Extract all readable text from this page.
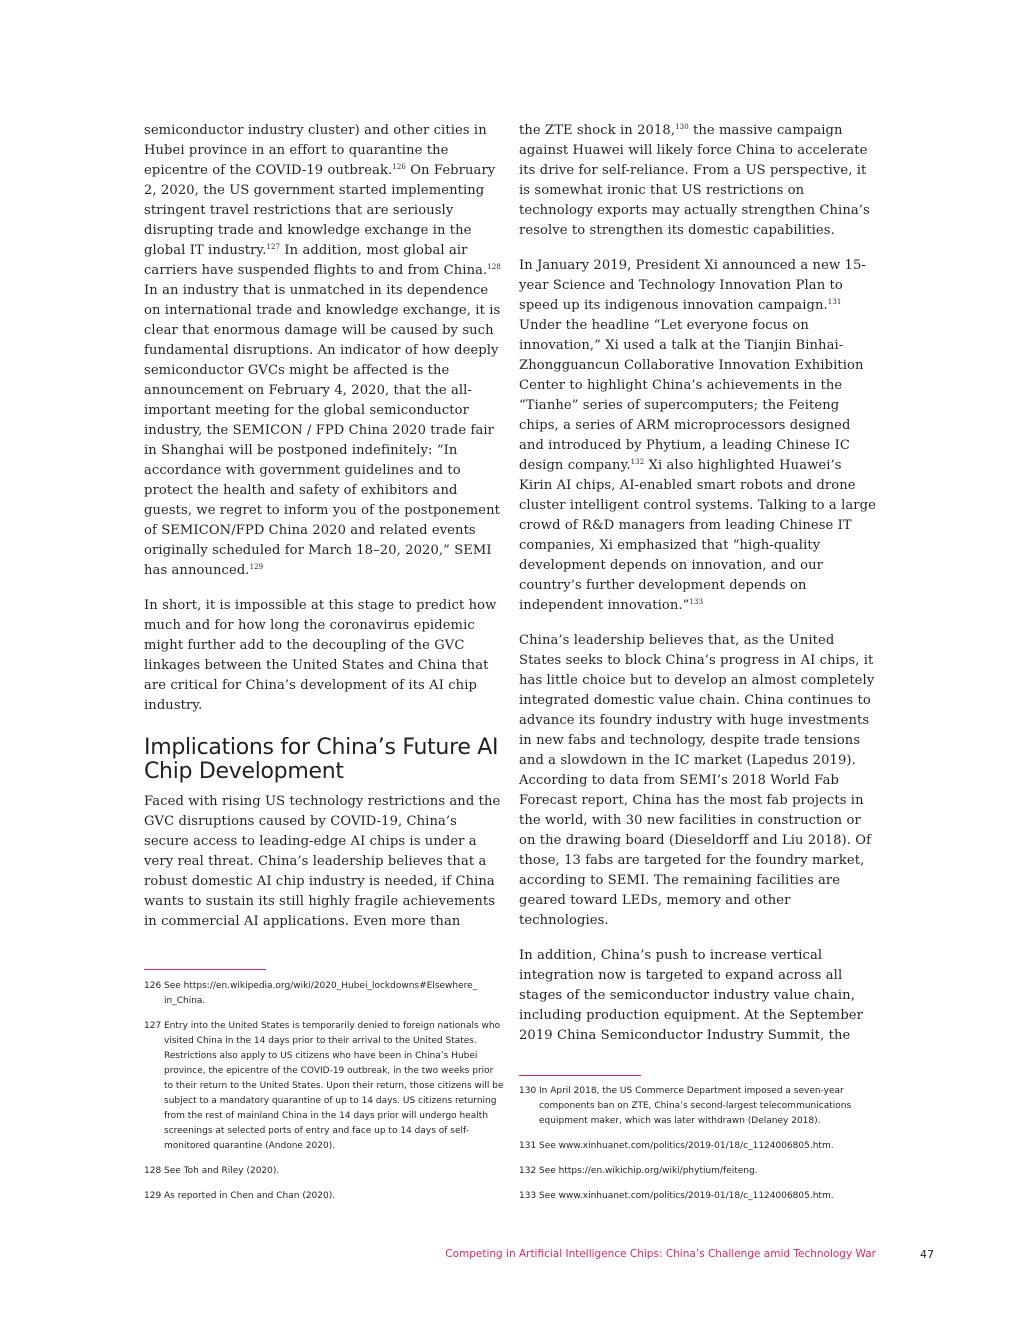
semiconductor industry cluster) and other cities in Hubei province in an effort to quarantine the epicentre of the COVID-19 outbreak.$^{126}$ On February 2, 2020, the US government started implementing stringent travel restrictions that are seriously disrupting trade and knowledge exchange in the global IT industry.$^{127}$ In addition, most global air carriers have suspended flights to and from China.$^{128}$ In an industry that is unmatched in its dependence on international trade and knowledge exchange, it is clear that enormous damage will be caused by such fundamental disruptions. An indicator of how deeply semiconductor GVCs might be affected is the announcement on February 4, 2020, that the all-important meeting for the global semiconductor industry, the SEMICON / FPD China 2020 trade fair in Shanghai will be postponed indefinitely: “In accordance with government guidelines and to protect the health and safety of exhibitors and guests, we regret to inform you of the postponement of SEMICON/FPD China 2020 and related events originally scheduled for March 18–20, 2020,” SEMI has announced.$^{129}$

In short, it is impossible at this stage to predict how much and for how long the coronavirus epidemic might further add to the decoupling of the GVC linkages between the United States and China that are critical for China’s development of its AI chip industry.

Implications for China’s Future AI Chip Development

Faced with rising US technology restrictions and the GVC disruptions caused by COVID-19, China’s secure access to leading-edge AI chips is under a very real threat. China’s leadership believes that a robust domestic AI chip industry is needed, if China wants to sustain its still highly fragile achievements in commercial AI applications. Even more than

the ZTE shock in 2018,$^{130}$ the massive campaign against Huawei will likely force China to accelerate its drive for self-reliance. From a US perspective, it is somewhat ironic that US restrictions on technology exports may actually strengthen China’s resolve to strengthen its domestic capabilities.

In January 2019, President Xi announced a new 15-year Science and Technology Innovation Plan to speed up its indigenous innovation campaign.$^{131}$ Under the headline “Let everyone focus on innovation,” Xi used a talk at the Tianjin Binhai-Zhongguancun Collaborative Innovation Exhibition Center to highlight China’s achievements in the “Tianhe” series of supercomputers; the Feiteng chips, a series of ARM microprocessors designed and introduced by Phytium, a leading Chinese IC design company.$^{132}$ Xi also highlighted Huawei’s Kirin AI chips, AI-enabled smart robots and drone cluster intelligent control systems. Talking to a large crowd of R&D managers from leading Chinese IT companies, Xi emphasized that “high-quality development depends on innovation, and our country’s further development depends on independent innovation.”$^{133}$

China’s leadership believes that, as the United States seeks to block China’s progress in AI chips, it has little choice but to develop an almost completely integrated domestic value chain. China continues to advance its foundry industry with huge investments in new fabs and technology, despite trade tensions and a slowdown in the IC market (Lapedus 2019). According to data from SEMI’s 2018 World Fab Forecast report, China has the most fab projects in the world, with 30 new facilities in construction or on the drawing board (Dieseldorff and Liu 2018). Of those, 13 fabs are targeted for the foundry market, according to SEMI. The remaining facilities are geared toward LEDs, memory and other technologies.

In addition, China’s push to increase vertical integration now is targeted to expand across all stages of the semiconductor industry value chain, including production equipment. At the September 2019 China Semiconductor Industry Summit, the

126 See https://en.wikipedia.org/wiki/2020_Hubei_lockdowns#Elsewhere_ in_China.
127 Entry into the United States is temporarily denied to foreign nationals who visited China in the 14 days prior to their arrival to the United States. Restrictions also apply to US citizens who have been in China’s Hubei province, the epicentre of the COVID-19 outbreak, in the two weeks prior to their return to the United States. Upon their return, those citizens will be subject to a mandatory quarantine of up to 14 days. US citizens returning from the rest of mainland China in the 14 days prior will undergo health screenings at selected ports of entry and face up to 14 days of self-monitored quarantine (Andone 2020).
128 See Toh and Riley (2020).
129 As reported in Chen and Chan (2020).
130 In April 2018, the US Commerce Department imposed a seven-year components ban on ZTE, China’s second-largest telecommunications equipment maker, which was later withdrawn (Delaney 2018).
131 See www.xinhuanet.com/politics/2019-01/18/c_1124006805.htm.
132 See https://en.wikichip.org/wiki/phytium/feiteng.
133 See www.xinhuanet.com/politics/2019-01/18/c_1124006805.htm.
Competing in Artificial Intelligence Chips: China’s Challenge amid Technology War	47
